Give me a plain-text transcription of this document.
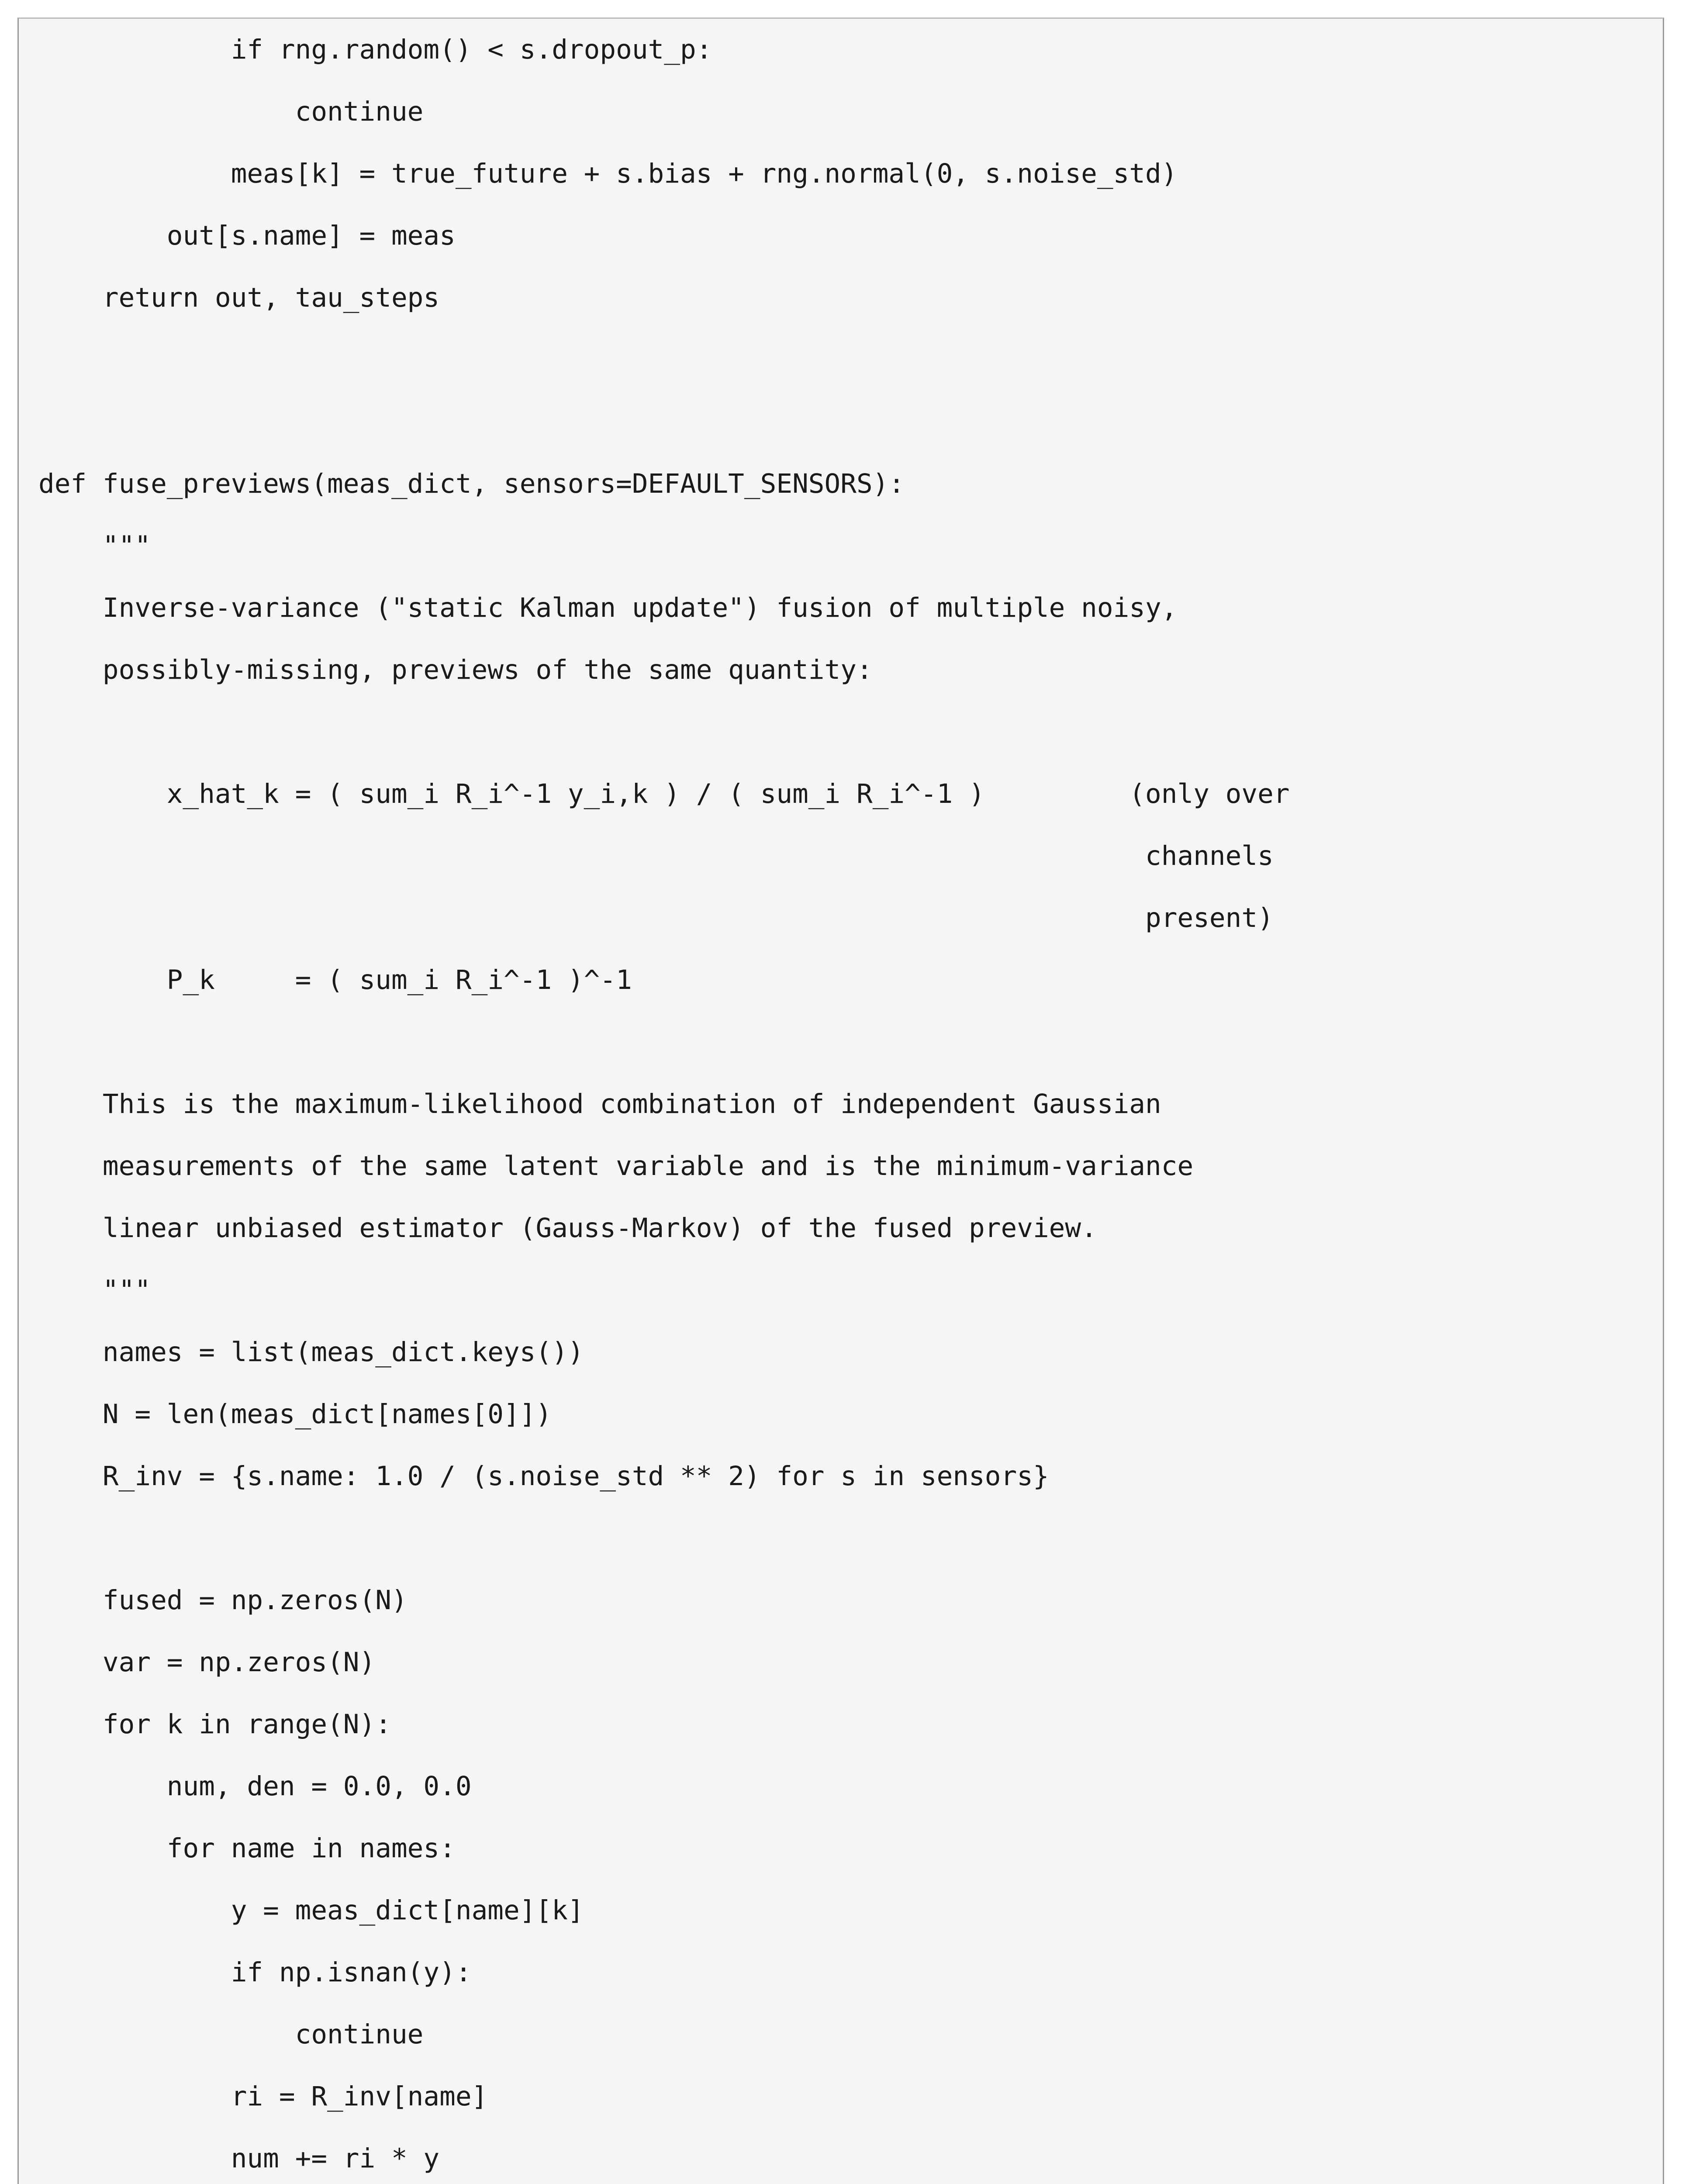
if rng.random() < s.dropout_p:
continue
meas[k] = true_future + s.bias + rng.normal(0, s.noise_std)
out[s.name] = meas
return out, tau_steps
def fuse_previews(meas_dict, sensors=DEFAULT_SENSORS):
"""
Inverse-variance ("static Kalman update") fusion of multiple noisy,
possibly-missing, previews of the same quantity:
x_hat_k = ( sum_i R_i^-1 y_i,k ) / ( sum_i R_i^-1 )         (only over
channels
present)
P_k     = ( sum_i R_i^-1 )^-1
This is the maximum-likelihood combination of independent Gaussian
measurements of the same latent variable and is the minimum-variance
linear unbiased estimator (Gauss-Markov) of the fused preview.
"""
names = list(meas_dict.keys())
N = len(meas_dict[names[0]])
R_inv = {s.name: 1.0 / (s.noise_std ** 2) for s in sensors}
fused = np.zeros(N)
var = np.zeros(N)
for k in range(N):
num, den = 0.0, 0.0
for name in names:
y = meas_dict[name][k]
if np.isnan(y):
continue
ri = R_inv[name]
num += ri * y
